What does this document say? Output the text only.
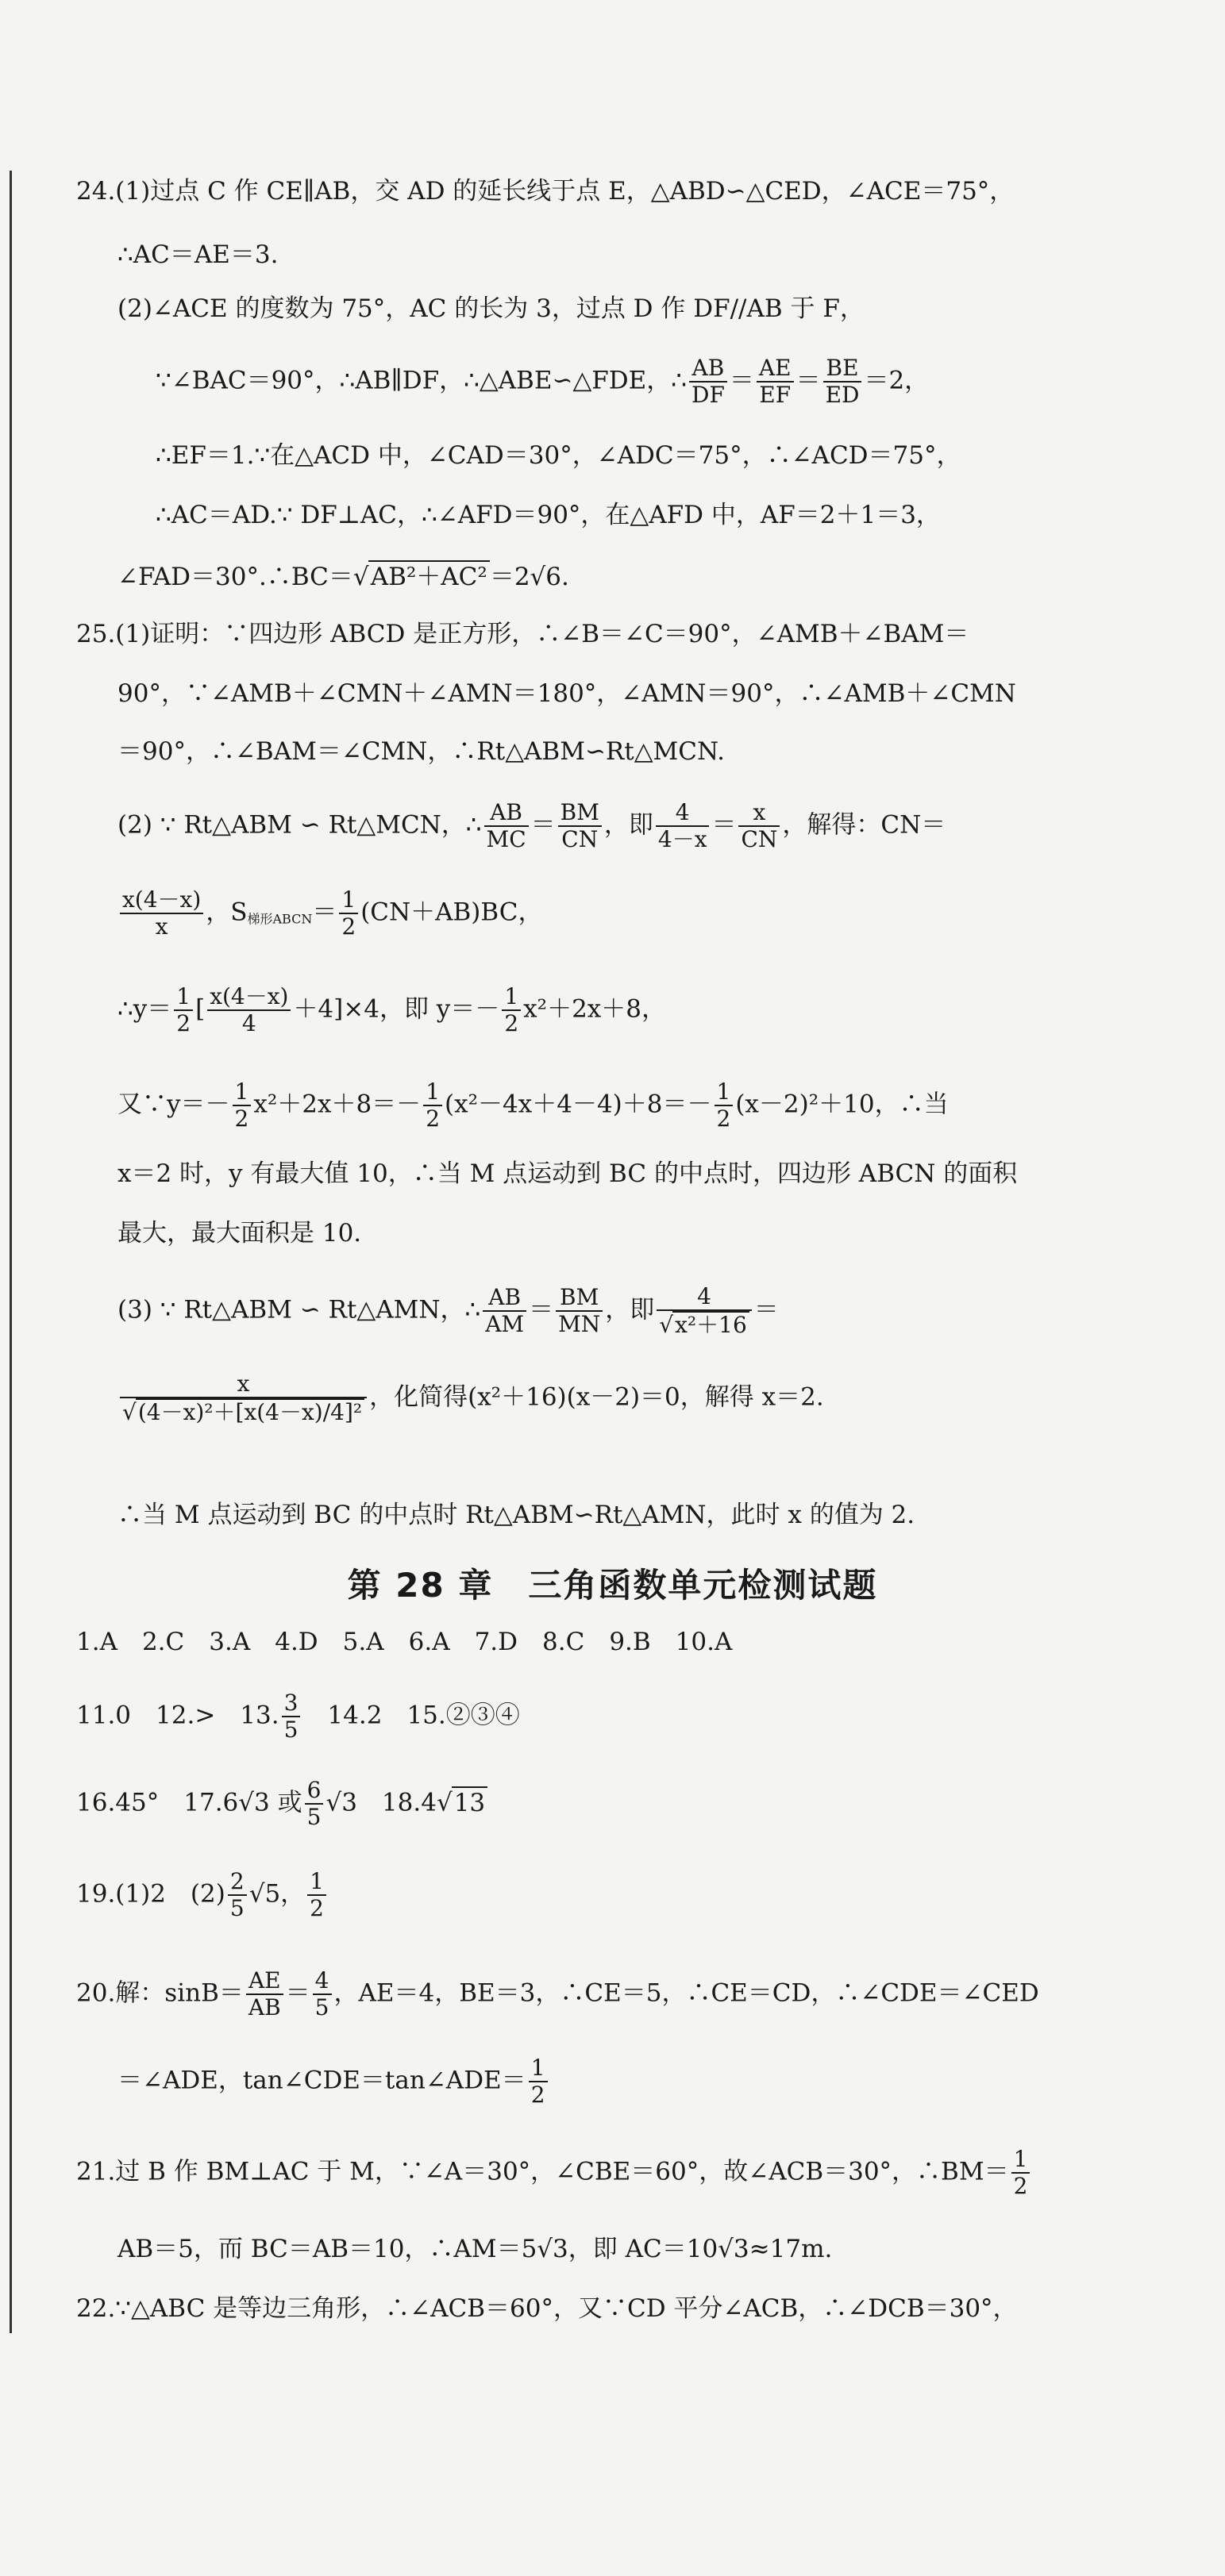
24.(1)过点 C 作 CE∥AB，交 AD 的延长线于点 E，△ABD∽△CED，∠ACE＝75°，
∴AC＝AE＝3.
(2)∠ACE 的度数为 75°，AC 的长为 3，过点 D 作 DF//AB 于 F，
∵∠BAC＝90°，∴AB∥DF，∴△ABE∽△FDE，∴ $\frac{AB}{DF} = \frac{AE}{EF} = \frac{BE}{ED} =2$，
∴EF＝1.∵在△ACD 中，∠CAD＝30°，∠ADC＝75°，∴∠ACD＝75°，
∴AC＝AD.∵ DF⊥AC，∴∠AFD＝90°，在△AFD 中，AF＝2＋1＝3，
∠FAD＝30°.∴BC＝√AB²＋AC²＝2√6.
25.(1)证明：∵四边形 ABCD 是正方形，∴∠B＝∠C＝90°，∠AMB＋∠BAM＝
90°，∵∠AMB＋∠CMN＋∠AMN＝180°，∠AMN＝90°，∴∠AMB＋∠CMN
＝90°，∴∠BAM＝∠CMN，∴Rt△ABM∽Rt△MCN.
(2) ∵ Rt△ABM ∽ Rt△MCN，∴ $\frac{AB}{MC} = \frac{BM}{CN}$ ，即 $\frac{4}{4-x} = \frac{x}{CN}$ ，解得：CN＝
$\frac{x(4-x)}{x}$ ，$S_{梯形ABCN}= \frac{1}{2} (CN+AB)BC$，
∴y＝ $\frac{1}{2}$ [ $\frac{x(4-x)}{4} +4]\times 4$，即 $y=- \frac{1}{2} x^2+2x+8$，
又∵y＝－ $\frac{1}{2} x^2+2x+8=- \frac{1}{2} (x^2-4x+4-4)+8=- \frac{1}{2} (x-2)^2+10$，∴当
x＝2 时，y 有最大值 10，∴当 M 点运动到 BC 的中点时，四边形 ABCN 的面积
最大，最大面积是 10.
(3) ∵ Rt△ABM ∽ Rt△AMN，∴ $\frac{AB}{AM} = \frac{BM}{MN}$ ，即 $\frac{4}{\text{√x²＋16}}$ ＝
$\frac{x}{\text{√(4－x)²＋[x(4－x)/4]²}}$ ，化简得(x²＋16)(x－2)＝0，解得 x＝2.
∴当 M 点运动到 BC 的中点时 Rt△ABM∽Rt△AMN，此时 x 的值为 2.
第 28 章　三角函数单元检测试题
1.A　2.C　3.A　4.D　5.A　6.A　7.D　8.C　9.B　10.A
11.0　12.>　13. $\frac{3}{5}$ 　14.2　15.②③④
16.45°　17.6√3 或 $\frac{6}{5} √3$　18.4√13
19.(1)2　$(2) \frac{2}{5} √5$， $\frac{1}{2}$
20.解：$\sin B= \frac{AE}{AB} = \frac{4}{5}$ ，AE＝4，BE＝3，∴CE＝5，∴CE＝CD，∴∠CDE＝∠CED
＝∠ADE，tan∠CDE＝tan∠ADE＝ $\frac{1}{2}$
21.过 B 作 BM⊥AC 于 M，∵∠A＝30°，∠CBE＝60°，故∠ACB＝30°，∴BM＝ $\frac{1}{2}$
AB＝5，而 BC＝AB＝10，∴AM＝5√3，即 AC＝10√3≈17m.
22.∵△ABC 是等边三角形，∴∠ACB＝60°，又∵CD 平分∠ACB，∴∠DCB＝30°，
